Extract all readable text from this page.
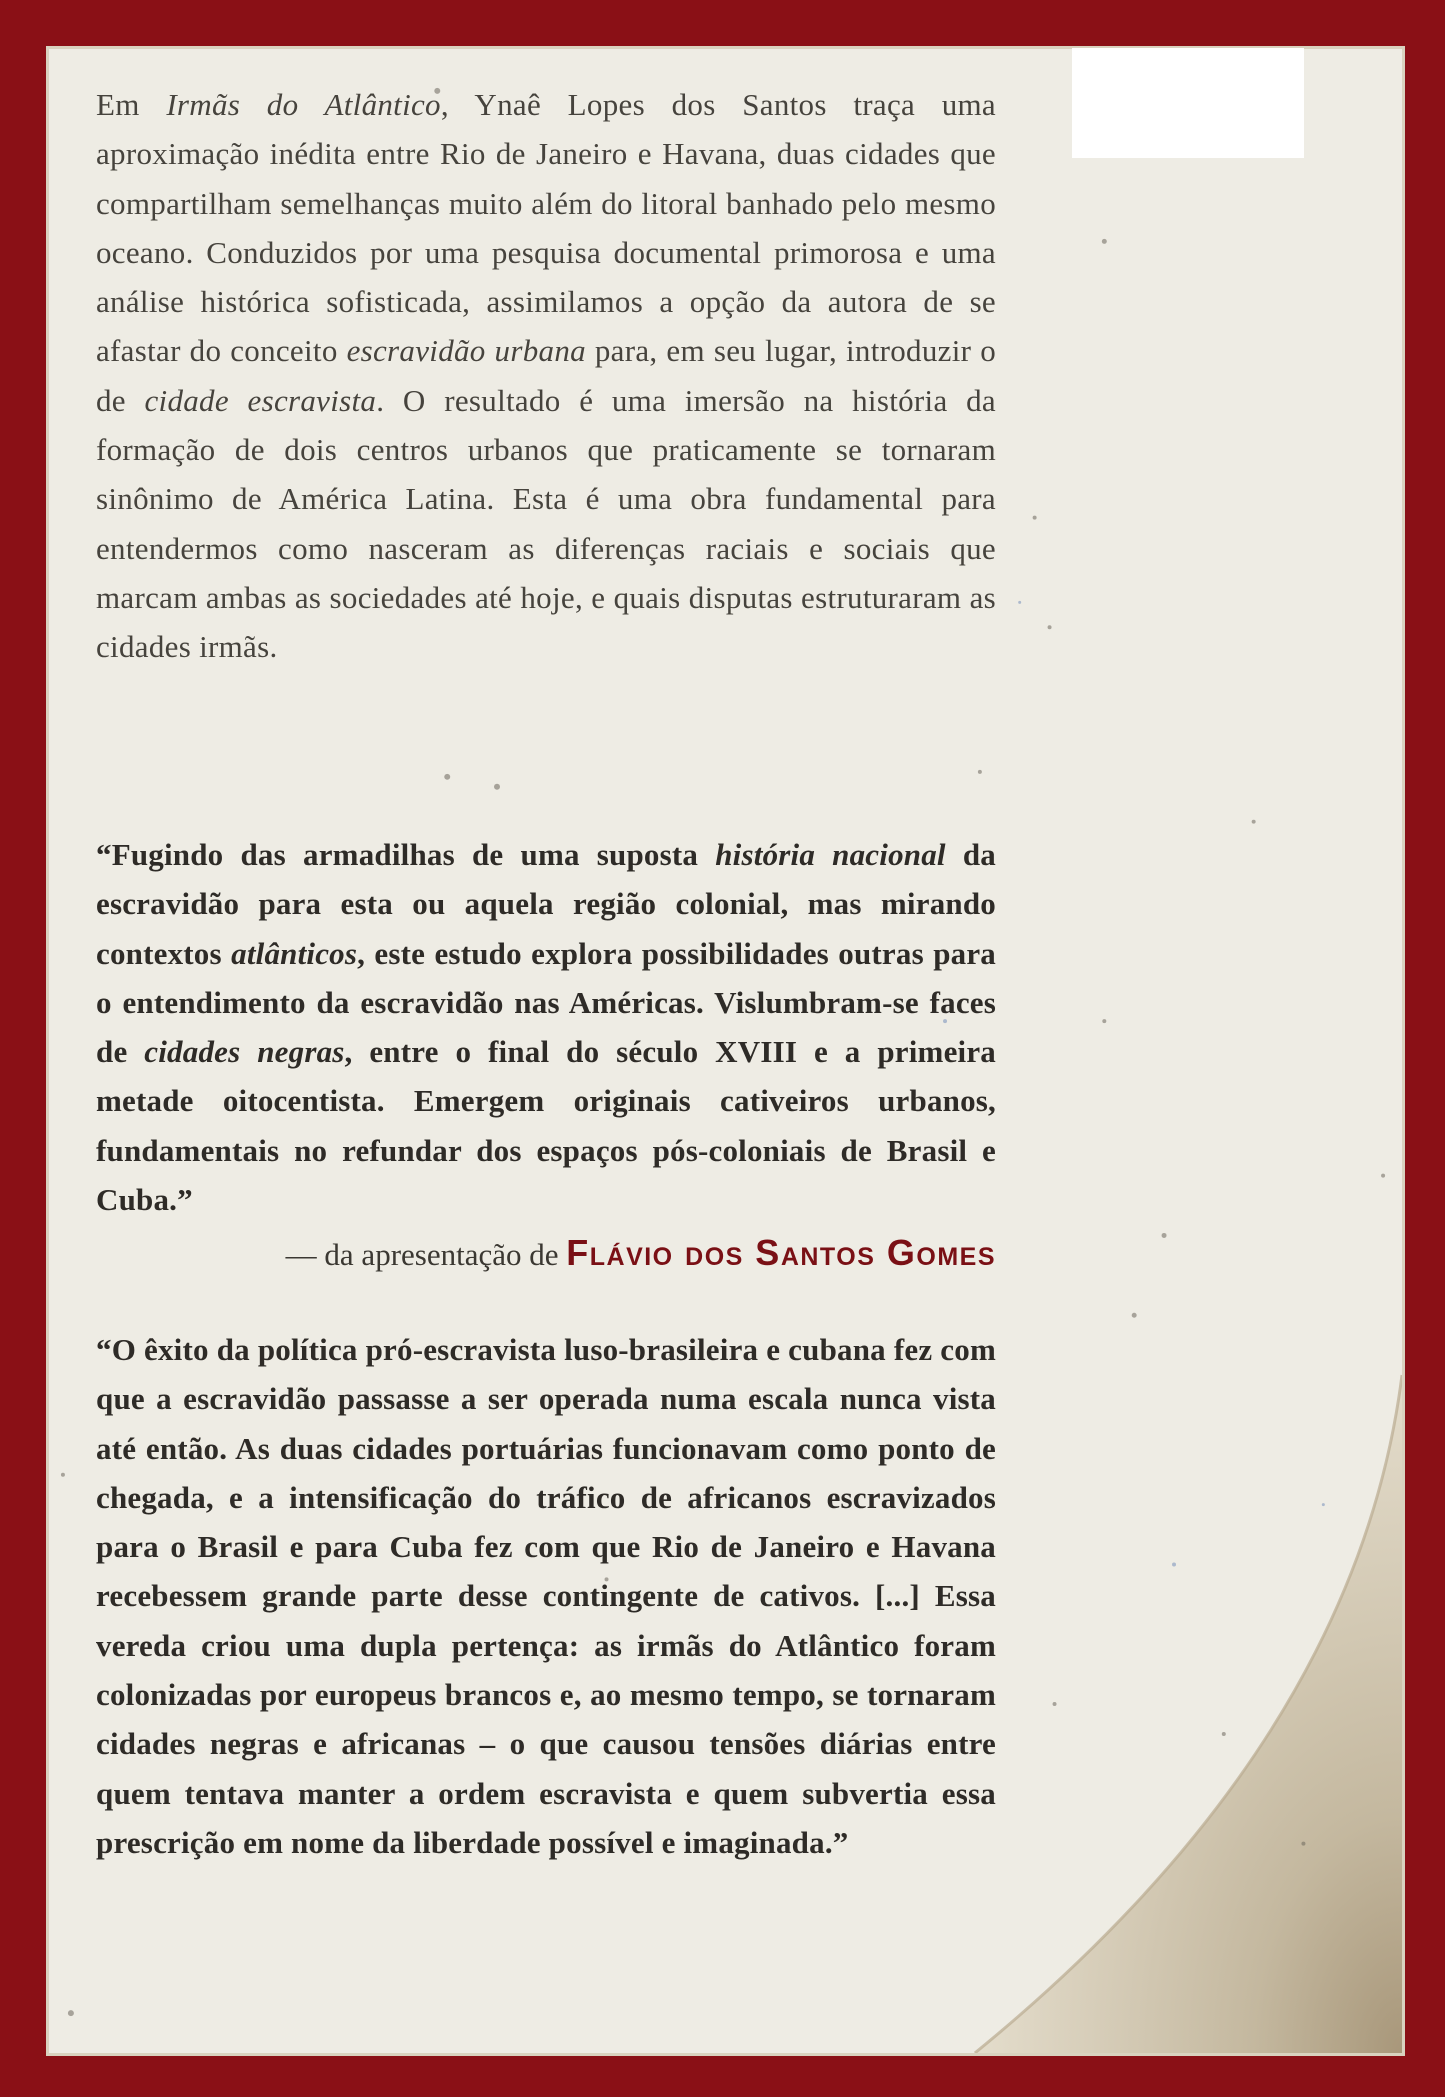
Em Irmãs do Atlântico, Ynaê Lopes dos Santos traça uma aproximação inédita entre Rio de Janeiro e Havana, duas cidades que compartilham semelhanças muito além do litoral banhado pelo mesmo oceano. Conduzidos por uma pesquisa documental primorosa e uma análise histórica sofisticada, assimilamos a opção da autora de se afastar do conceito escravidão urbana para, em seu lugar, introduzir o de cidade escravista. O resultado é uma imersão na história da formação de dois centros urbanos que praticamente se tornaram sinônimo de América Latina. Esta é uma obra fundamental para entendermos como nasceram as diferenças raciais e sociais que marcam ambas as sociedades até hoje, e quais disputas estruturaram as cidades irmãs.
“Fugindo das armadilhas de uma suposta história nacional da escravidão para esta ou aquela região colonial, mas mirando contextos atlânticos, este estudo explora possibilidades outras para o entendimento da escravidão nas Américas. Vislumbram-se faces de cidades negras, entre o final do século XVIII e a primeira metade oitocentista. Emergem originais cativeiros urbanos, fundamentais no refundar dos espaços pós-coloniais de Brasil e Cuba.”
— da apresentação de Flávio dos Santos Gomes
“O êxito da política pró-escravista luso-brasileira e cubana fez com que a escravidão passasse a ser operada numa escala nunca vista até então. As duas cidades portuárias funcionavam como ponto de chegada, e a intensificação do tráfico de africanos escravizados para o Brasil e para Cuba fez com que Rio de Janeiro e Havana recebessem grande parte desse contingente de cativos. [...] Essa vereda criou uma dupla pertença: as irmãs do Atlântico foram colonizadas por europeus brancos e, ao mesmo tempo, se tornaram cidades negras e africanas – o que causou tensões diárias entre quem tentava manter a ordem escravista e quem subvertia essa prescrição em nome da liberdade possível e imaginada.”
